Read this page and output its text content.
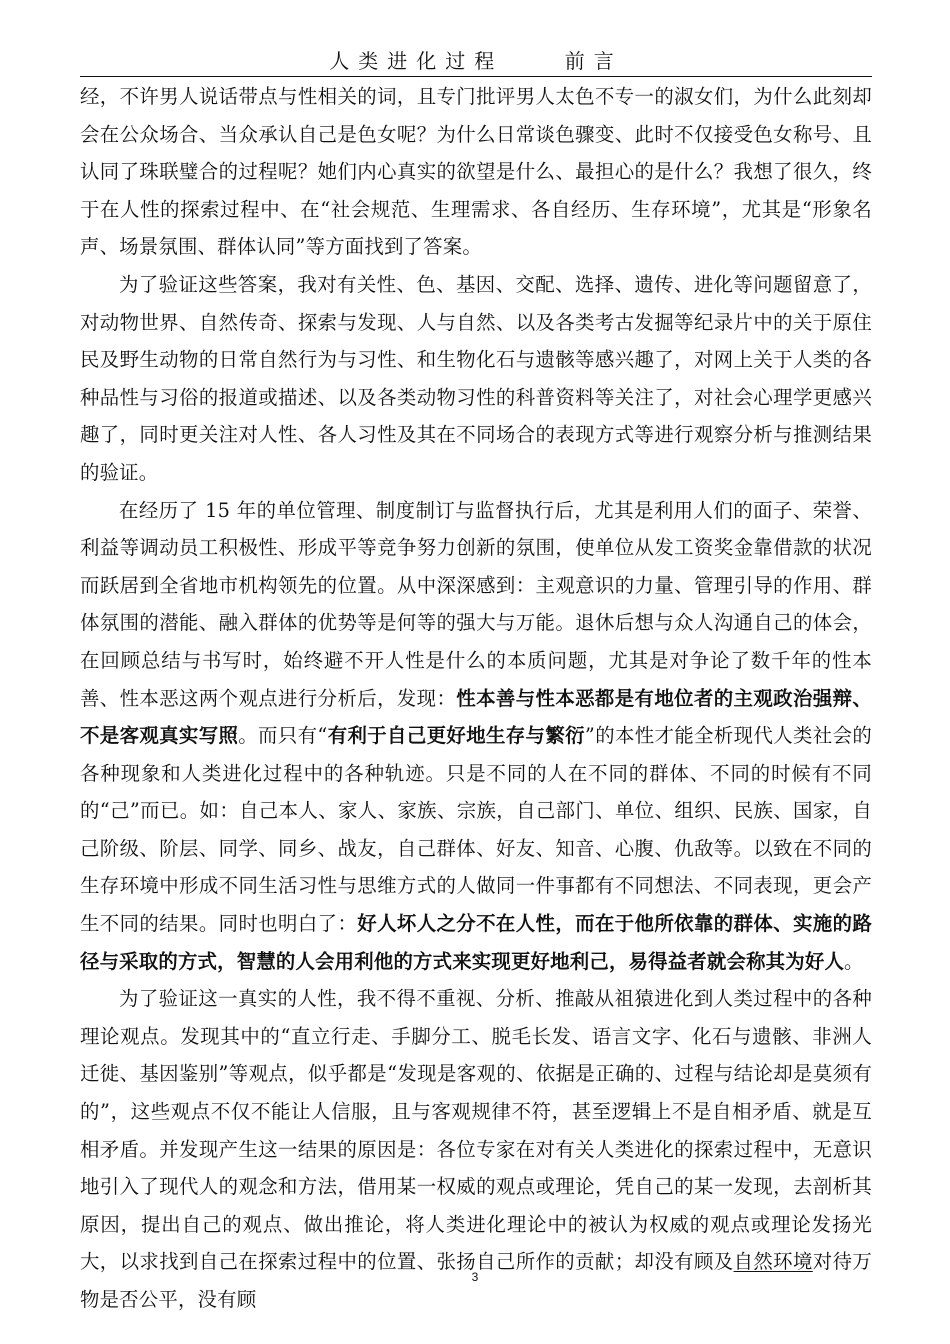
人类进化过程	前言

经，不许男人说话带点与性相关的词，且专门批评男人太色不专一的淑女们，为什么此刻却会在公众场合、当众承认自己是色女呢？为什么日常谈色骤变、此时不仅接受色女称号、且认同了珠联璧合的过程呢？她们内心真实的欲望是什么、最担心的是什么？我想了很久，终于在人性的探索过程中、在“社会规范、生理需求、各自经历、生存环境”，尤其是“形象名声、场景氛围、群体认同”等方面找到了答案。

为了验证这些答案，我对有关性、色、基因、交配、选择、遗传、进化等问题留意了，对动物世界、自然传奇、探索与发现、人与自然、以及各类考古发掘等纪录片中的关于原住民及野生动物的日常自然行为与习性、和生物化石与遗骸等感兴趣了，对网上关于人类的各种品性与习俗的报道或描述、以及各类动物习性的科普资料等关注了，对社会心理学更感兴趣了，同时更关注对人性、各人习性及其在不同场合的表现方式等进行观察分析与推测结果的验证。

在经历了 15 年的单位管理、制度制订与监督执行后，尤其是利用人们的面子、荣誉、利益等调动员工积极性、形成平等竞争努力创新的氛围，使单位从发工资奖金靠借款的状况而跃居到全省地市机构领先的位置。从中深深感到：主观意识的力量、管理引导的作用、群体氛围的潜能、融入群体的优势等是何等的强大与万能。退休后想与众人沟通自己的体会，在回顾总结与书写时，始终避不开人性是什么的本质问题，尤其是对争论了数千年的性本善、性本恶这两个观点进行分析后，发现：性本善与性本恶都是有地位者的主观政治强辩、不是客观真实写照。而只有“有利于自己更好地生存与繁衍”的本性才能全析现代人类社会的各种现象和人类进化过程中的各种轨迹。只是不同的人在不同的群体、不同的时候有不同的“己”而已。如：自己本人、家人、家族、宗族，自己部门、单位、组织、民族、国家，自己阶级、阶层、同学、同乡、战友，自己群体、好友、知音、心腹、仇敌等。以致在不同的生存环境中形成不同生活习性与思维方式的人做同一件事都有不同想法、不同表现，更会产生不同的结果。同时也明白了：好人坏人之分不在人性，而在于他所依靠的群体、实施的路径与采取的方式，智慧的人会用利他的方式来实现更好地利己，易得益者就会称其为好人。

为了验证这一真实的人性，我不得不重视、分析、推敲从祖猿进化到人类过程中的各种理论观点。发现其中的“直立行走、手脚分工、脱毛长发、语言文字、化石与遗骸、非洲人迁徙、基因鉴别”等观点，似乎都是“发现是客观的、依据是正确的、过程与结论却是莫须有的”，这些观点不仅不能让人信服，且与客观规律不符，甚至逻辑上不是自相矛盾、就是互相矛盾。并发现产生这一结果的原因是：各位专家在对有关人类进化的探索过程中，无意识地引入了现代人的观念和方法，借用某一权威的观点或理论，凭自己的某一发现，去剖析其原因，提出自己的观点、做出推论，将人类进化理论中的被认为权威的观点或理论发扬光大，以求找到自己在探索过程中的位置、张扬自己所作的贡献；却没有顾及自然环境对待万物是否公平，没有顾

3
